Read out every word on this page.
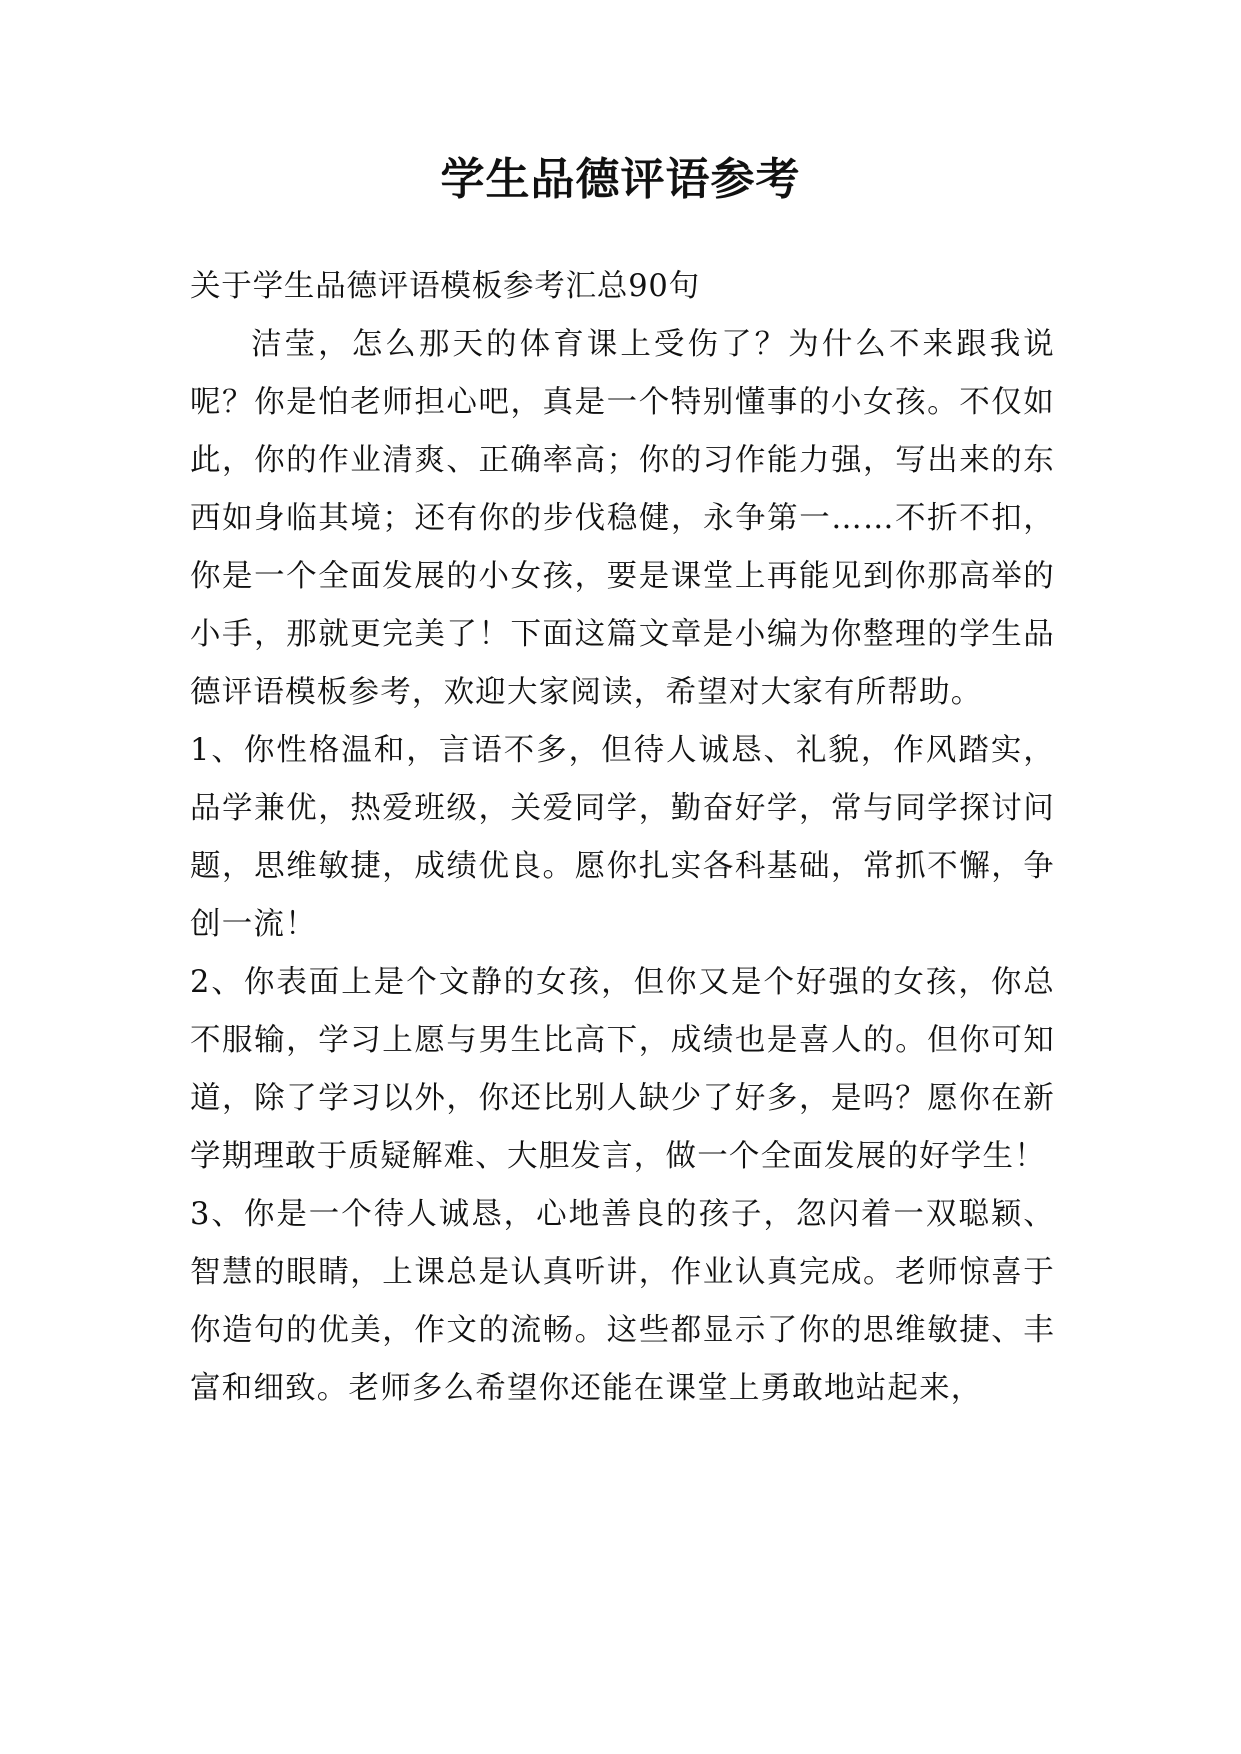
学生品德评语参考

关于学生品德评语模板参考汇总90句

洁莹，怎么那天的体育课上受伤了？为什么不来跟我说呢？你是怕老师担心吧，真是一个特别懂事的小女孩。不仅如此，你的作业清爽、正确率高；你的习作能力强，写出来的东西如身临其境；还有你的步伐稳健，永争第一……不折不扣，你是一个全面发展的小女孩，要是课堂上再能见到你那高举的小手，那就更完美了！下面这篇文章是小编为你整理的学生品德评语模板参考，欢迎大家阅读，希望对大家有所帮助。

1、你性格温和，言语不多，但待人诚恳、礼貌，作风踏实，品学兼优，热爱班级，关爱同学，勤奋好学，常与同学探讨问题，思维敏捷，成绩优良。愿你扎实各科基础，常抓不懈，争创一流！

2、你表面上是个文静的女孩，但你又是个好强的女孩，你总不服输，学习上愿与男生比高下，成绩也是喜人的。但你可知道，除了学习以外，你还比别人缺少了好多，是吗？愿你在新学期理敢于质疑解难、大胆发言，做一个全面发展的好学生！

3、你是一个待人诚恳，心地善良的孩子，忽闪着一双聪颖、智慧的眼睛，上课总是认真听讲，作业认真完成。老师惊喜于你造句的优美，作文的流畅。这些都显示了你的思维敏捷、丰富和细致。老师多么希望你还能在课堂上勇敢地站起来，
